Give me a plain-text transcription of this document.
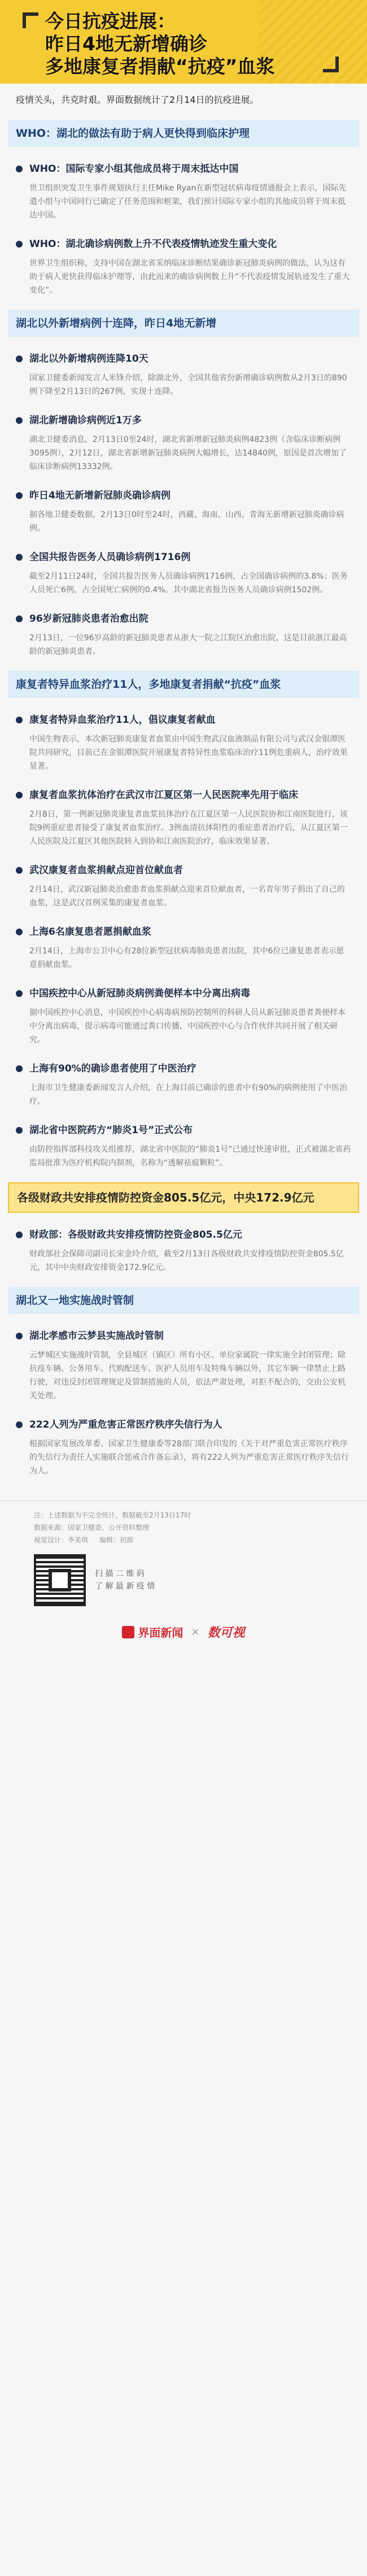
今日抗疫进展：
昨日4地无新增确诊
多地康复者捐献“抗疫”血浆

疫情关头，共克时艰。界面数据统计了2月14日的抗疫进展。

WHO：湖北的做法有助于病人更快得到临床护理
WHO：国际专家小组其他成员将于周末抵达中国

世卫组织突发卫生事件规划执行主任Mike Ryan在新型冠状病毒疫情通报会上表示，国际先遣小组与中国同行已确定了任务范围和框架，我们预计国际专家小组的其他成员将于周末抵达中国。

WHO：湖北确诊病例数上升不代表疫情轨迹发生重大变化

世界卫生组织称，支持中国在湖北省采纳临床诊断结果确诊新冠肺炎病例的做法，认为这有助于病人更快获得临床护理等，由此而来的确诊病例数上升“不代表疫情发展轨迹发生了重大变化”。

湖北以外新增病例十连降，昨日4地无新增
湖北以外新增病例连降10天

国家卫健委新闻发言人米锋介绍，除湖北外，全国其他省份新增确诊病例数从2月3日的890例下降至2月13日的267例，实现十连降。

湖北新增确诊病例近1万多

湖北卫健委消息，2月13日0至24时，湖北省新增新冠肺炎病例4823例（含临床诊断病例3095例），2月12日，湖北省新增新冠肺炎病例大幅增长，达14840例，原因是首次增加了临床诊断病例13332例。

昨日4地无新增新冠肺炎确诊病例

据各地卫健委数据，2月13日0时至24时，西藏、海南、山西、青海无新增新冠肺炎确诊病例。

全国共报告医务人员确诊病例1716例

截至2月11日24时，全国共报告医务人员确诊病例1716例，占全国确诊病例的3.8%；医务人员死亡6例，占全国死亡病例的0.4%。其中湖北省报告医务人员确诊病例1502例。

96岁新冠肺炎患者治愈出院

2月13日，一位96岁高龄的新冠肺炎患者从浙大一院之江院区治愈出院，这是目前浙江最高龄的新冠肺炎患者。

康复者特异血浆治疗11人，多地康复者捐献“抗疫”血浆
康复者特异血浆治疗11人，倡议康复者献血

中国生物表示，本次新冠肺炎康复者血浆由中国生物武汉血液制品有限公司与武汉金银潭医院共同研究，目前已在金银潭医院开展康复者特异性血浆临床治疗11例危重病人，治疗效果显著。

康复者血浆抗体治疗在武汉市江夏区第一人民医院率先用于临床

2月8日，第一例新冠肺炎康复者血浆抗体治疗在江夏区第一人民医院协和江南医院进行，该院9例重症患者接受了康复者血浆治疗。3例血清抗体阳性的重症患者治疗后，从江夏区第一人民医院及江夏区其他医院转入到协和江南医院治疗，临床效果显著。

武汉康复者血浆捐献点迎首位献血者

2月14日，武汉新冠肺炎治愈患者血浆捐献点迎来首位献血者，一名青年男子捐出了自己的血浆，这是武汉首例采集的康复者血浆。

上海6名康复患者愿捐献血浆

2月14日，上海市公卫中心有28位新型冠状病毒肺炎患者出院，其中6位已康复患者表示愿意捐献血浆。

中国疾控中心从新冠肺炎病例粪便样本中分离出病毒

据中国疾控中心消息，中国疾控中心病毒病预防控制所的科研人员从新冠肺炎患者粪便样本中分离出病毒，提示病毒可能通过粪口传播，中国疾控中心与合作伙伴共同开展了相关研究。

上海有90%的确诊患者使用了中医治疗

上海市卫生健康委新闻发言人介绍，在上海目前已确诊的患者中有90%的病例使用了中医治疗。

湖北省中医院药方“肺炎1号”正式公布

由防控指挥部科技攻关组推荐，湖北省中医院的“肺炎1号”已通过快速审批，正式被湖北省药监局批准为医疗机构院内制剂，名称为“透解祛瘟颗粒”。

各级财政共安排疫情防控资金805.5亿元，中央172.9亿元
财政部：各级财政共安排疫情防控资金805.5亿元

财政部社会保障司副司长宋金玲介绍，截至2月13日各级财政共安排疫情防控资金805.5亿元，其中中央财政安排资金172.9亿元。

湖北又一地实施战时管制
湖北孝感市云梦县实施战时管制

云梦城区实施战时管制，全县城区（镇区）所有小区、单位家属院一律实施全封闭管理；除抗疫车辆、公务用车、代购配送车、医护人员用车及特殊车辆以外，其它车辆一律禁止上路行驶，对违反封闭管理规定及管制措施的人员，依法严肃处理，对拒不配合的，交由公安机关处理。

222人列为严重危害正常医疗秩序失信行为人

根据国家发展改革委、国家卫生健康委等28部门联合印发的《关于对严重危害正常医疗秩序的失信行为责任人实施联合惩戒合作备忘录》，将有222人列为严重危害正常医疗秩序失信行为人。

注：上述数据为不完全统计，数据截至2月13日17时
数据来源：国家卫健委、公开资料整理
视觉设计：李美琪 编辑：初源
扫 描 二 维 码
了 解 最 新 疫 情
界面新闻 × 数可视
